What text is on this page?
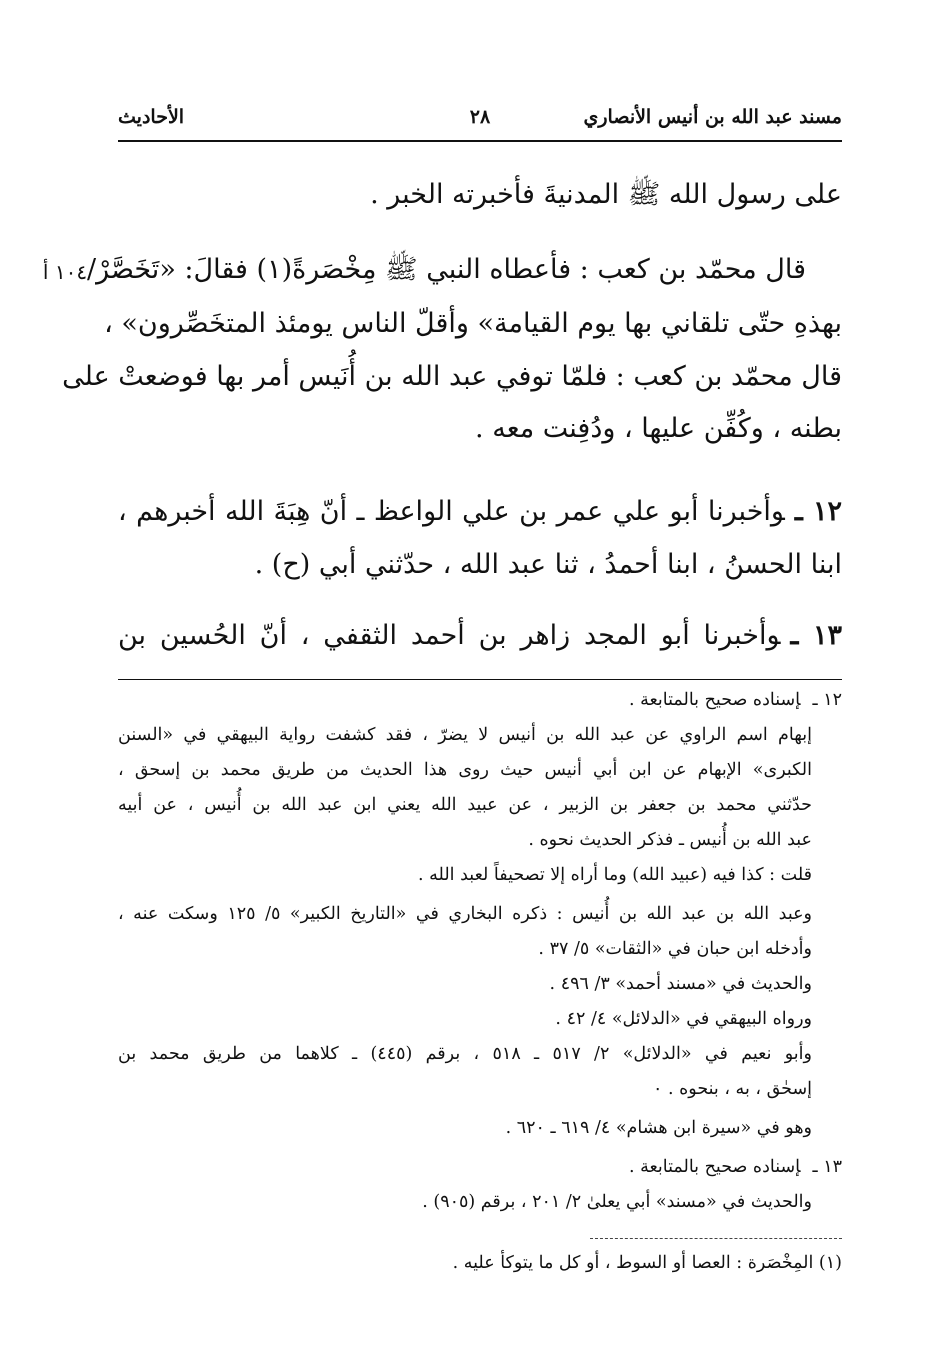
مسند عبد الله بن أنيس الأنصاري
٢٨
الأحاديث
١٠٤ أ
على رسول الله ﷺ المدنيةَ فأخبرته الخبر .
قال محمّد بن كعب : فأعطاه النبي ﷺ مِخْصَرةً(١) فقالَ: «تَخَصَّرْ/
بهذهِ حتّى تلقاني بها يوم القيامة» وأقلّ الناس يومئذ المتخَصِّرون» ،
قال محمّد بن كعب : فلمّا توفي عبد الله بن أُنَيس أمر بها فوضعتْ على
بطنه ، وكُفِّن عليها ، ودُفِنت معه .
١٢ ـوأخبرنا أبو علي عمر بن علي الواعظ ـ أنّ هِبَةَ الله أخبرهم ،
ابنا الحسنُ ، ابنا أحمدُ ، ثنا عبد الله ، حدّثني أبي (ح) .
١٣ ـوأخبرنا أبو المجد زاهر بن أحمد الثقفي ، أنّ الحُسين بن
١٢ ـإسناده صحيح بالمتابعة .
إبهام اسم الراوي عن عبد الله بن أنيس لا يضرّ ، فقد كشفت رواية البيهقي في «السنن
الكبرى» الإبهام عن ابن أبي أنيس حيث روى هذا الحديث من طريق محمد بن إسحق ،
حدّثني محمد بن جعفر بن الزبير ، عن عبيد الله يعني ابن عبد الله بن أُنيس ، عن أبيه
عبد الله بن أُنيس ـ فذكر الحديث نحوه .
قلت : كذا فيه (عبيد الله) وما أراه إلا تصحيفاً لعبد الله .
وعبد الله بن عبد الله بن أُنيس : ذكره البخاري في «التاريخ الكبير» ٥/ ١٢٥ وسكت عنه ،
وأدخله ابن حبان في «الثقات» ٥/ ٣٧ .
والحديث في «مسند أحمد» ٣/ ٤٩٦ .
ورواه البيهقي في «الدلائل» ٤/ ٤٢ .
وأبو نعيم في «الدلائل» ٢/ ٥١٧ ـ ٥١٨ ، برقم (٤٤٥) ـ كلاهما من طريق محمد بن
إسحٰق ، به ، بنحوه . ٠
وهو في «سيرة ابن هشام» ٤/ ٦١٩ ـ ٦٢٠ .
١٣ ـإسناده صحيح بالمتابعة .
والحديث في «مسند» أبي يعلىٰ ٢/ ٢٠١ ، برقم (٩٠٥) .
(١) المِخْصَرة : العصا أو السوط ، أو كل ما يتوكأ عليه .
